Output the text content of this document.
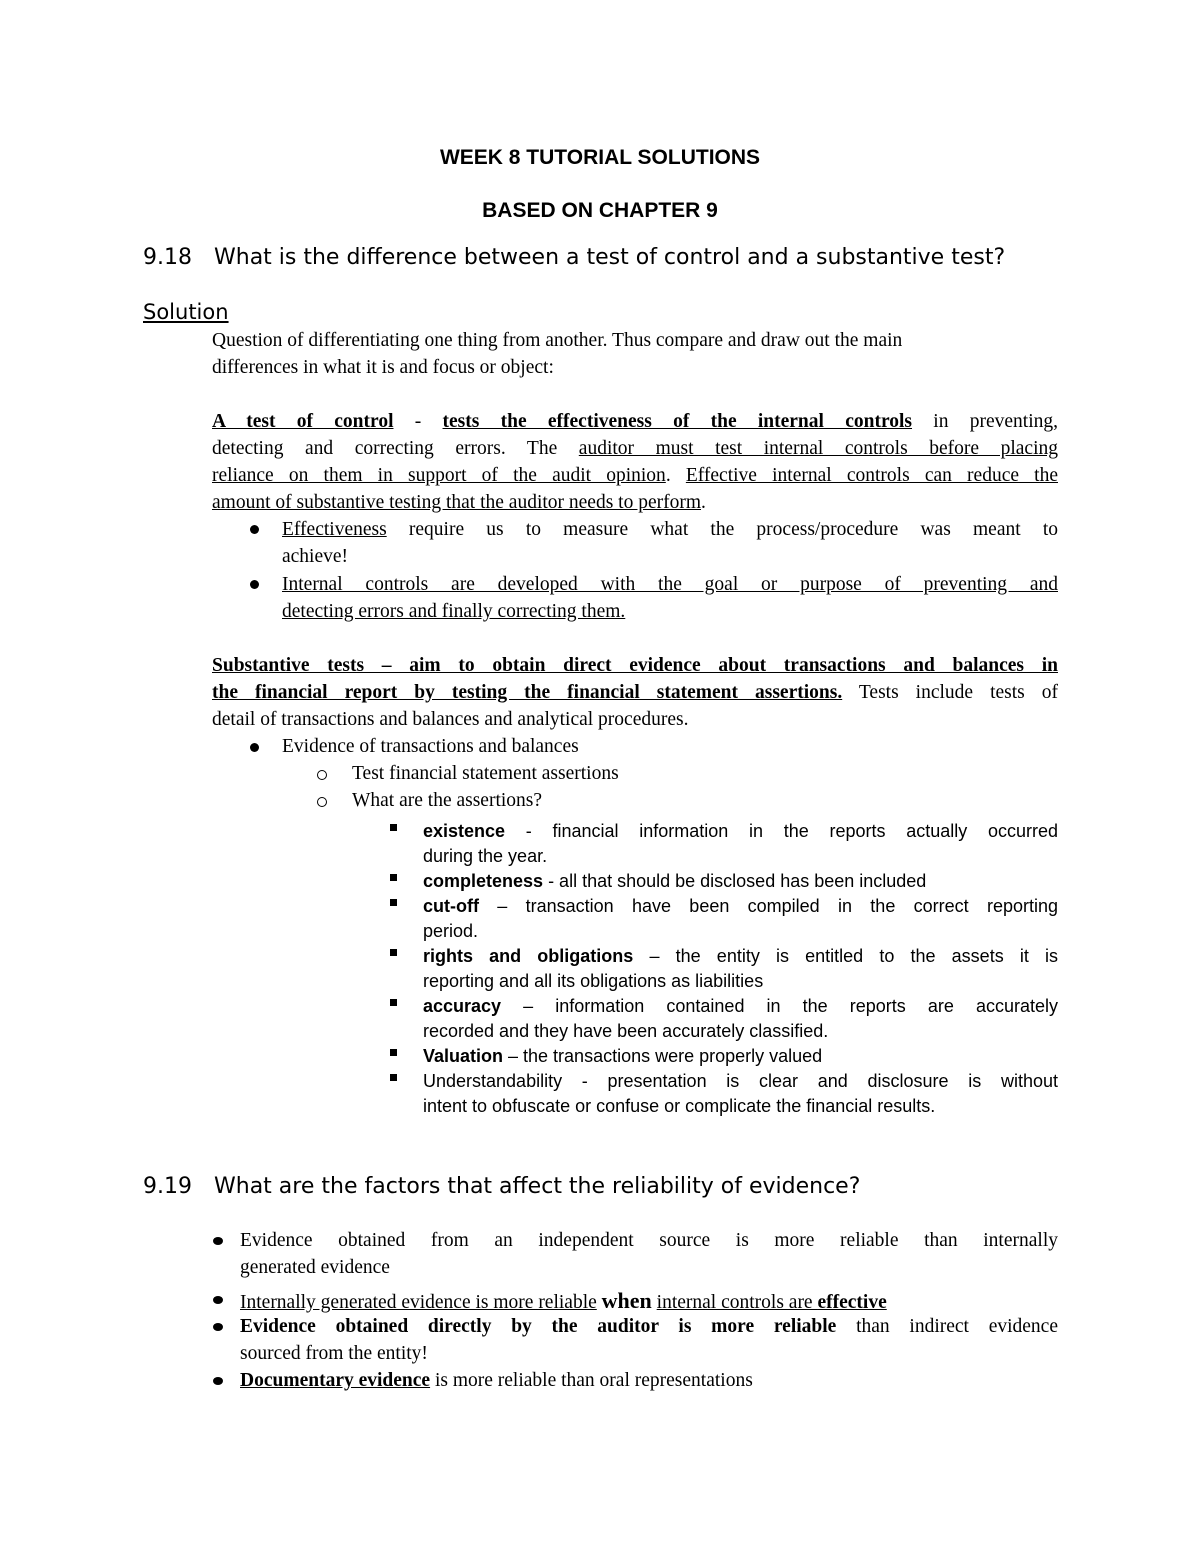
WEEK 8 TUTORIAL SOLUTIONS

BASED ON CHAPTER 9

9.18 What is the difference between a test of control and a substantive test?

Solution

Question of differentiating one thing from another. Thus compare and draw out the main

differences in what it is and focus or object:

A test of control - tests the effectiveness of the internal controls in preventing,

detecting and correcting errors. The auditor must test internal controls before placing

reliance on them in support of the audit opinion. Effective internal controls can reduce the

amount of substantive testing that the auditor needs to perform.

Effectiveness require us to measure what the process/procedure was meant to

achieve!

Internal controls are developed with the goal or purpose of preventing and

detecting errors and finally correcting them.

Substantive tests – aim to obtain direct evidence about transactions and balances in

the financial report by testing the financial statement assertions. Tests include tests of

detail of transactions and balances and analytical procedures.

Evidence of transactions and balances

Test financial statement assertions

What are the assertions?

existence - financial information in the reports actually occurred

during the year.

completeness - all that should be disclosed has been included

cut-off – transaction have been compiled in the correct reporting

period.

rights and obligations – the entity is entitled to the assets it is

reporting and all its obligations as liabilities

accuracy – information contained in the reports are accurately

recorded and they have been accurately classified.

Valuation – the transactions were properly valued

Understandability - presentation is clear and disclosure is without

intent to obfuscate or confuse or complicate the financial results.

9.19 What are the factors that affect the reliability of evidence?

Evidence obtained from an independent source is more reliable than internally

generated evidence

Internally generated evidence is more reliable when internal controls are effective

Evidence obtained directly by the auditor is more reliable than indirect evidence

sourced from the entity!

Documentary evidence is more reliable than oral representations
